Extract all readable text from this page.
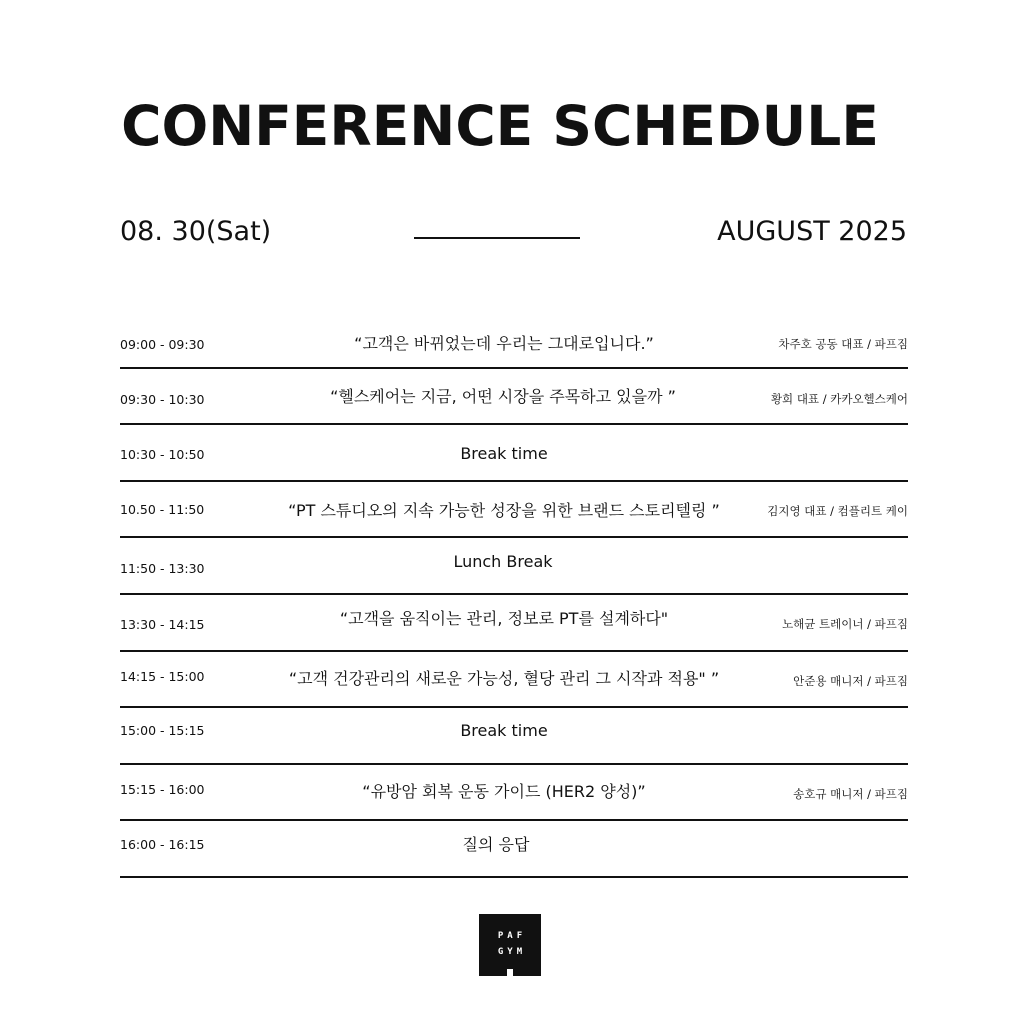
CONFERENCE SCHEDULE
08. 30(Sat)	AUGUST 2025
09:00 - 09:30	“고객은 바뀌었는데 우리는 그대로입니다.”	차주호 공동 대표 / 파프짐
09:30 - 10:30	“헬스케어는 지금, 어떤 시장을 주목하고 있을까 ”	황희 대표 / 카카오헬스케어
10:30 - 10:50	Break time
10.50 - 11:50	“PT 스튜디오의 지속 가능한 성장을 위한 브랜드 스토리텔링 ”	김지영 대표 / 컴플리트 케이
11:50 - 13:30	Lunch Break
13:30 - 14:15	“고객을 움직이는 관리, 정보로 PT를 설계하다"	노해균 트레이너 / 파프짐
14:15 - 15:00	“고객 건강관리의 새로운 가능성, 혈당 관리 그 시작과 적용" ”	안준용 매니저 / 파프짐
15:00 - 15:15	Break time
15:15 - 16:00	“유방암 회복 운동 가이드 (HER2 양성)”	송호규 매니저 / 파프짐
16:00 - 16:15	질의 응답
PAF
GYM
